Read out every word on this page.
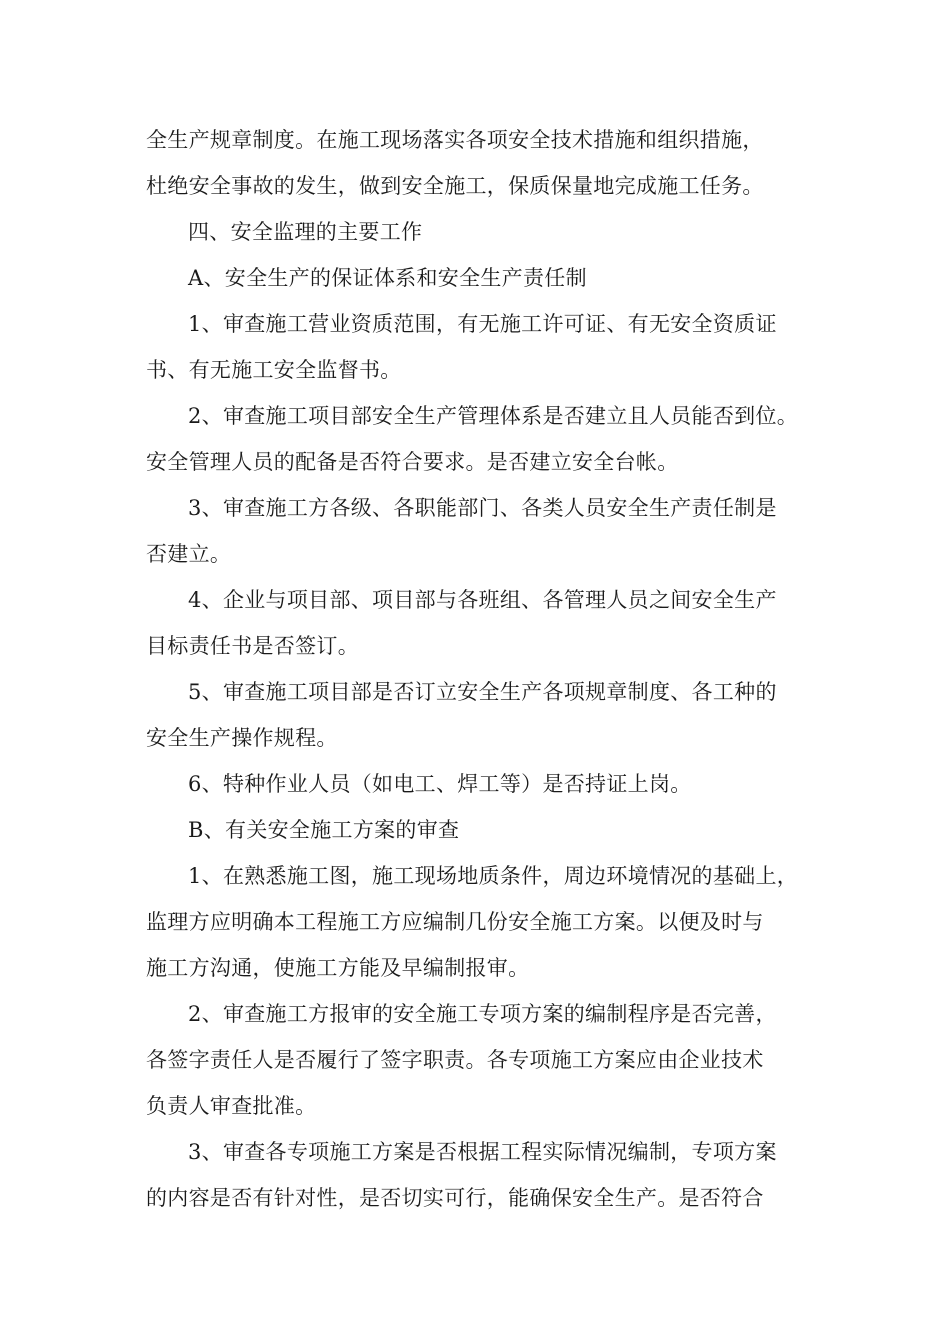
全生产规章制度。在施工现场落实各项安全技术措施和组织措施，
杜绝安全事故的发生，做到安全施工，保质保量地完成施工任务。
四、安全监理的主要工作
A、安全生产的保证体系和安全生产责任制
1、审查施工营业资质范围，有无施工许可证、有无安全资质证
书、有无施工安全监督书。
2、审查施工项目部安全生产管理体系是否建立且人员能否到位。
安全管理人员的配备是否符合要求。是否建立安全台帐。
3、审查施工方各级、各职能部门、各类人员安全生产责任制是
否建立。
4、企业与项目部、项目部与各班组、各管理人员之间安全生产
目标责任书是否签订。
5、审查施工项目部是否订立安全生产各项规章制度、各工种的
安全生产操作规程。
6、特种作业人员（如电工、焊工等）是否持证上岗。
B、有关安全施工方案的审查
1、在熟悉施工图，施工现场地质条件，周边环境情况的基础上，
监理方应明确本工程施工方应编制几份安全施工方案。以便及时与
施工方沟通，使施工方能及早编制报审。
2、审查施工方报审的安全施工专项方案的编制程序是否完善，
各签字责任人是否履行了签字职责。各专项施工方案应由企业技术
负责人审查批准。
3、审查各专项施工方案是否根据工程实际情况编制，专项方案
的内容是否有针对性，是否切实可行，能确保安全生产。是否符合
